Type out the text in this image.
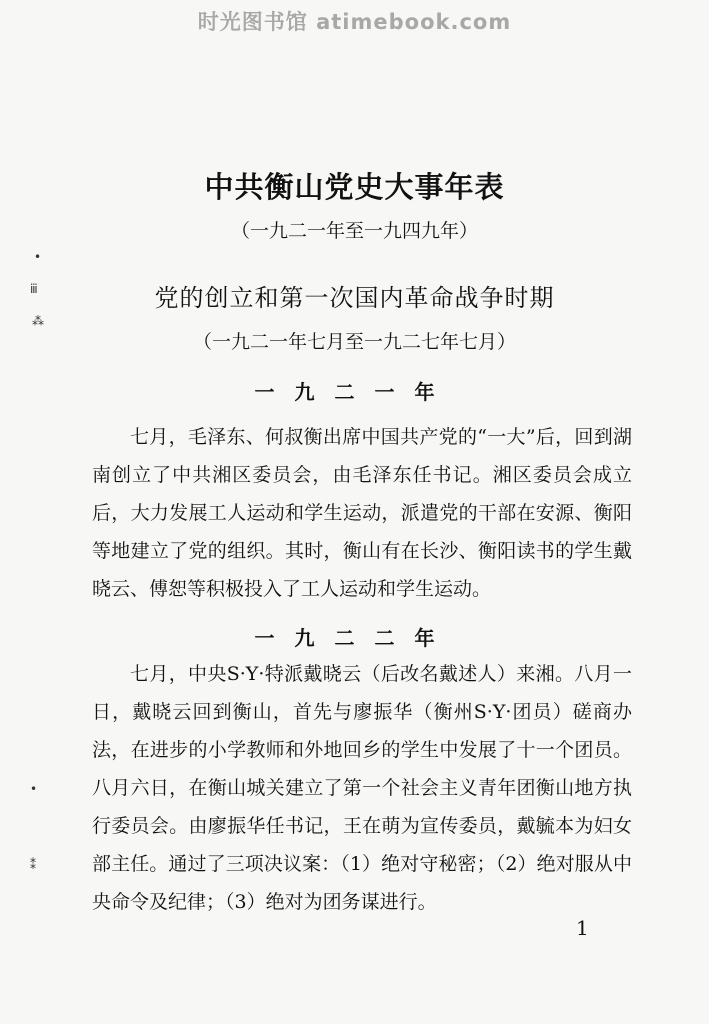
时光图书馆 atimebook.com
•
ⅲ
⁂
•
⁑
中共衡山党史大事年表
（一九二一年至一九四九年）
党的创立和第一次国内革命战争时期
（一九二一年七月至一九二七年七月）
一九二一年

七月，毛泽东、何叔衡出席中国共产党的“一大”后，回到湖南创立了中共湘区委员会，由毛泽东任书记。湘区委员会成立后，大力发展工人运动和学生运动，派遣党的干部在安源、衡阳等地建立了党的组织。其时，衡山有在长沙、衡阳读书的学生戴晓云、傅恕等积极投入了工人运动和学生运动。

一九二二年

七月，中央S·Y·特派戴晓云（后改名戴述人）来湘。八月一日，戴晓云回到衡山，首先与廖振华（衡州S·Y·团员）磋商办法，在进步的小学教师和外地回乡的学生中发展了十一个团员。八月六日，在衡山城关建立了第一个社会主义青年团衡山地方执行委员会。由廖振华任书记，王在萌为宣传委员，戴毓本为妇女部主任。通过了三项决议案：（1）绝对守秘密；（2）绝对服从中央命令及纪律；（3）绝对为团务谋进行。

1
